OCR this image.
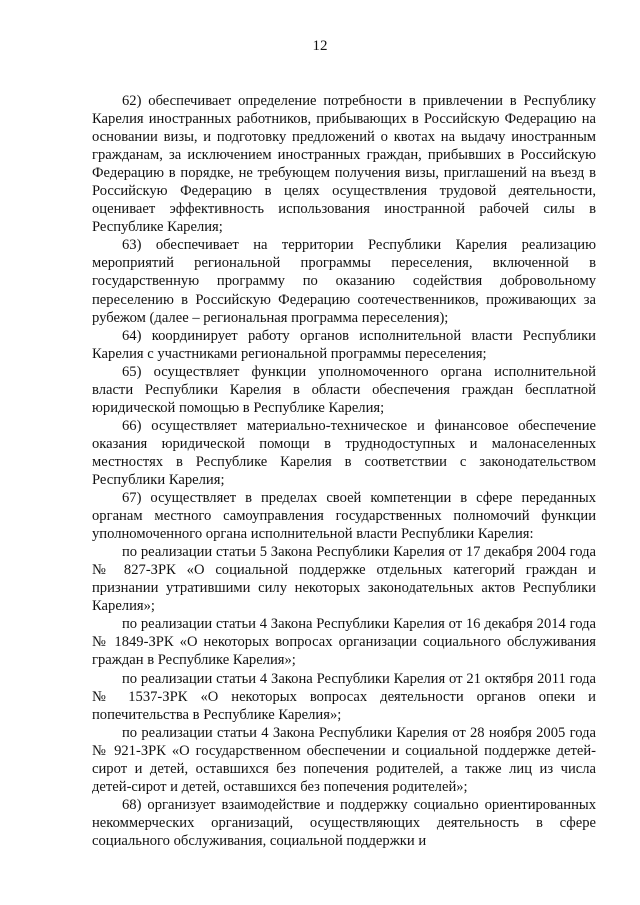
12

62) обеспечивает определение потребности в привлечении в Республику Карелия иностранных работников, прибывающих в Российскую Федерацию на основании визы, и подготовку предложений о квотах на выдачу иностранным гражданам, за исключением иностранных граждан, прибывших в Российскую Федерацию в порядке, не требующем получения визы, приглашений на въезд в Российскую Федерацию в целях осуществления трудовой деятельности, оценивает эффективность использования иностранной рабочей силы в Республике Карелия;

63) обеспечивает на территории Республики Карелия реализацию мероприятий региональной программы переселения, включенной в государственную программу по оказанию содействия добровольному переселению в Российскую Федерацию соотечественников, проживающих за рубежом (далее – региональная программа переселения);

64) координирует работу органов исполнительной власти Республики Карелия с участниками региональной программы переселения;

65) осуществляет функции уполномоченного органа исполнительной власти Республики Карелия в области обеспечения граждан бесплатной юридической помощью в Республике Карелия;

66) осуществляет материально-техническое и финансовое обеспечение оказания юридической помощи в труднодоступных и малонаселенных местностях в Республике Карелия в соответствии с законодательством Республики Карелия;

67) осуществляет в пределах своей компетенции в сфере переданных органам местного самоуправления государственных полномочий функции уполномоченного органа исполнительной власти Республики Карелия:

по реализации статьи 5 Закона Республики Карелия от 17 декабря 2004 года № 827-ЗРК «О социальной поддержке отдельных категорий граждан и признании утратившими силу некоторых законодательных актов Республики Карелия»;

по реализации статьи 4 Закона Республики Карелия от 16 декабря 2014 года № 1849-ЗРК «О некоторых вопросах организации социального обслуживания граждан в Республике Карелия»;

по реализации статьи 4 Закона Республики Карелия от 21 октября 2011 года № 1537-ЗРК «О некоторых вопросах деятельности органов опеки и попечительства в Республике Карелия»;

по реализации статьи 4 Закона Республики Карелия от 28 ноября 2005 года № 921-ЗРК «О государственном обеспечении и социальной поддержке детей-сирот и детей, оставшихся без попечения родителей, а также лиц из числа детей-сирот и детей, оставшихся без попечения родителей»;

68) организует взаимодействие и поддержку социально ориентированных некоммерческих организаций, осуществляющих деятельность в сфере социального обслуживания, социальной поддержки и
